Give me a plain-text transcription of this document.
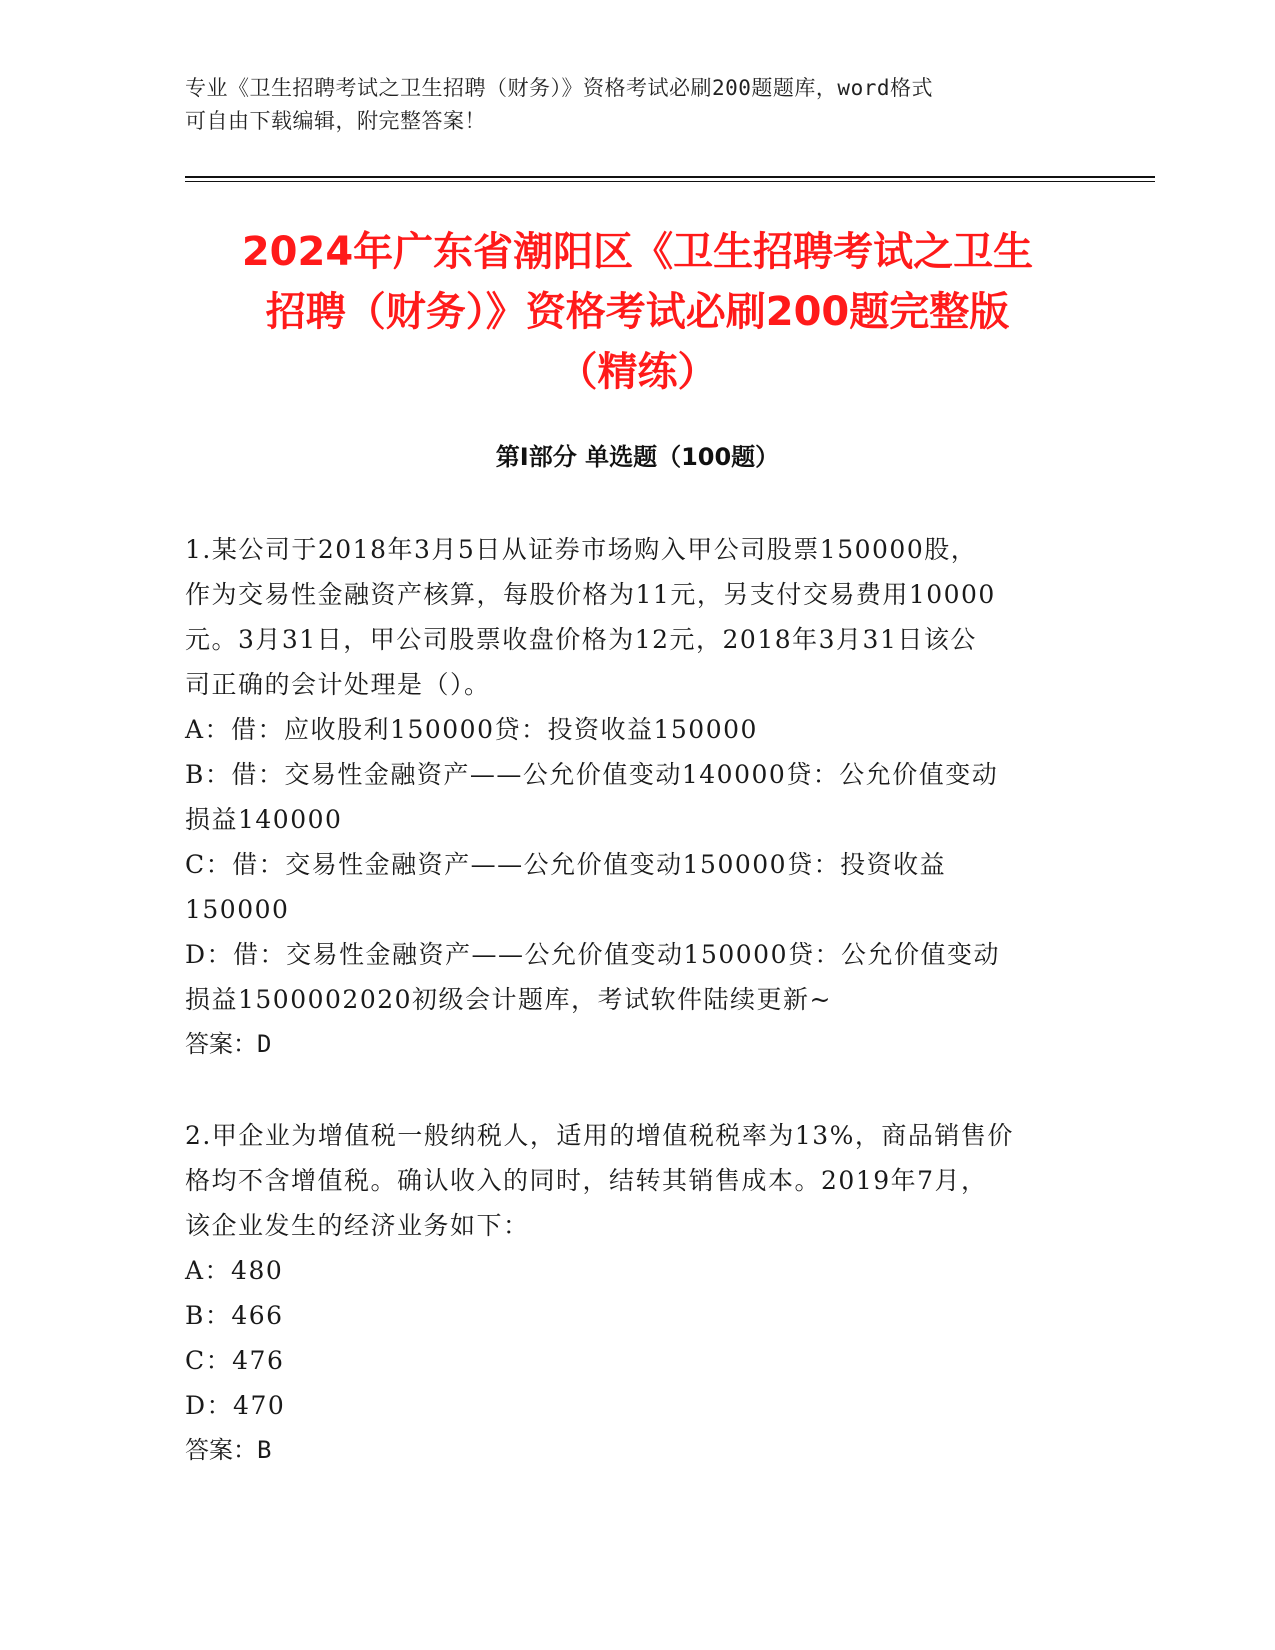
专业《卫生招聘考试之卫生招聘（财务）》资格考试必刷200题题库，word格式
可自由下载编辑，附完整答案！
2024年广东省潮阳区《卫生招聘考试之卫生
招聘（财务）》资格考试必刷200题完整版
（精练）
第Ⅰ部分 单选题（100题）
1.某公司于2018年3月5日从证券市场购入甲公司股票150000股，
作为交易性金融资产核算，每股价格为11元，另支付交易费用10000
元。3月31日，甲公司股票收盘价格为12元，2018年3月31日该公
司正确的会计处理是（）。
A：借：应收股利150000贷：投资收益150000
B：借：交易性金融资产——公允价值变动140000贷：公允价值变动
损益140000
C：借：交易性金融资产——公允价值变动150000贷：投资收益
150000
D：借：交易性金融资产——公允价值变动150000贷：公允价值变动
损益1500002020初级会计题库，考试软件陆续更新~
答案：D
2.甲企业为增值税一般纳税人，适用的增值税税率为13%，商品销售价
格均不含增值税。确认收入的同时，结转其销售成本。2019年7月，
该企业发生的经济业务如下：
A：480
B：466
C：476
D：470
答案：B
